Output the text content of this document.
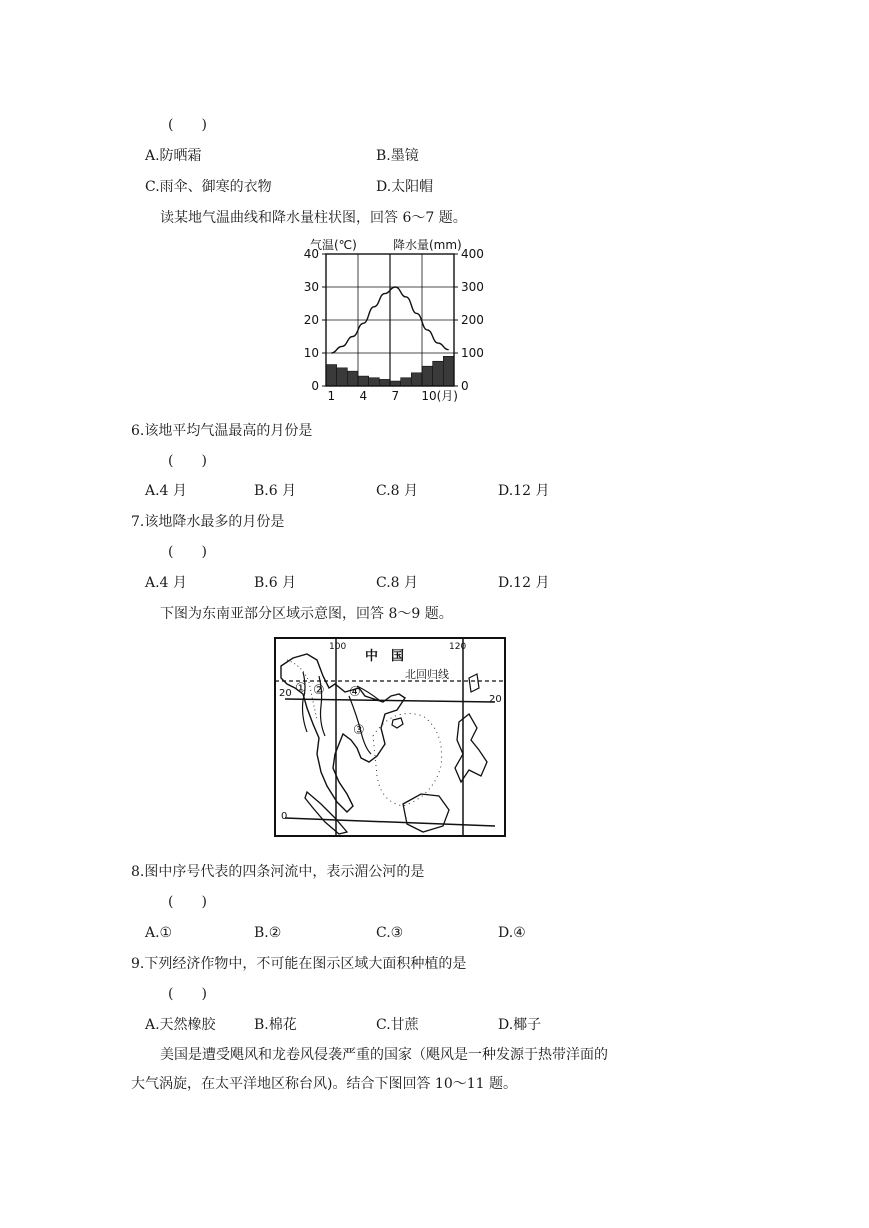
(　　)
A.防晒霜	B.墨镜
C.雨伞、御寒的衣物	D.太阳帽
读某地气温曲线和降水量柱状图，回答 6～7 题。
气温(℃)	降水量(mm)
0
10
20
30
40
0
100
200
300
400
1 4 7 10(月)
6.该地平均气温最高的月份是
(　　)
A.4 月	B.6 月	C.8 月	D.12 月
7.该地降水最多的月份是
(　　)
A.4 月	B.6 月	C.8 月	D.12 月
下图为东南亚部分区域示意图，回答 8～9 题。
中　国
北回归线
100	120
20
20
0
① ② ④
③
8.图中序号代表的四条河流中，表示湄公河的是
(　　)
A.①	B.②	C.③	D.④
9.下列经济作物中，不可能在图示区域大面积种植的是
(　　)
A.天然橡胶	B.棉花	C.甘蔗	D.椰子
美国是遭受飓风和龙卷风侵袭严重的国家（飓风是一种发源于热带洋面的
大气涡旋，在太平洋地区称台风)。结合下图回答 10～11 题。
